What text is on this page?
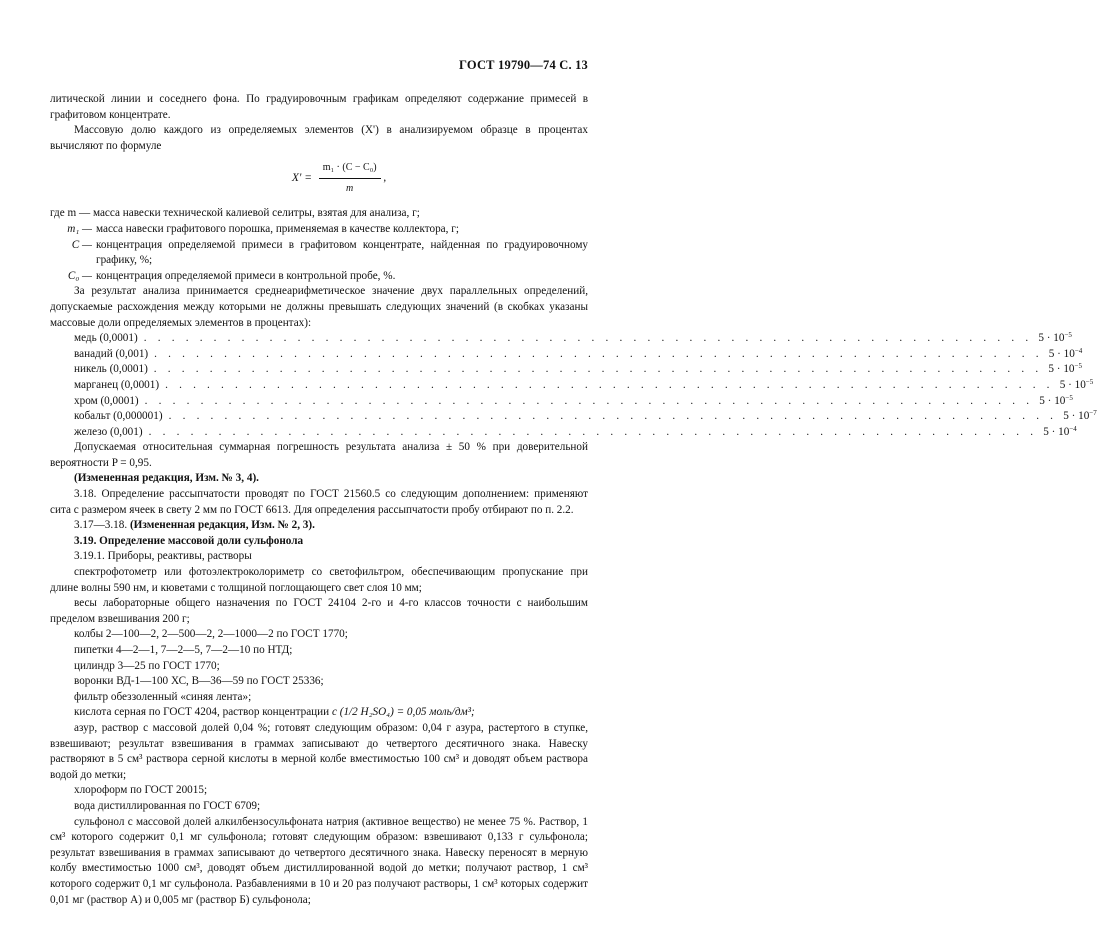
ГОСТ 19790—74 С. 13

литической линии и соседнего фона. По градуировочным графикам определяют содержание примесей в графитовом концентрате.

Массовую долю каждого из определяемых элементов (X') в анализируемом образце в процентах вычисляют по формуле

$X' = \frac{\text{m₁ · (C − C₀)}}{m}$ ,
где m —
масса навески технической калиевой селитры, взятая для анализа, г;
m₁ — масса навески графитового порошка, применяемая в качестве коллектора, г;
C — концентрация определяемой примеси в графитовом концентрате, найденная по градуировочному графику, %;
C₀ — концентрация определяемой примеси в контрольной пробе, %.

За результат анализа принимается среднеарифметическое значение двух параллельных определений, допускаемые расхождения между которыми не должны превышать следующих значений (в скобках указаны массовые доли определяемых элементов в процентах):

медь (0,0001) . . . . . . . . . . . . . . . . . . . . . . . . . . . . . . . . . . . . . . . . . . . . . . . . . . . . . . . . . . . . . . . . $5 \cdot 10^{-5}$
ванадий (0,001) . . . . . . . . . . . . . . . . . . . . . . . . . . . . . . . . . . . . . . . . . . . . . . . . . . . . . . . . . . . . . . . . $5 \cdot 10^{-4}$
никель (0,0001) . . . . . . . . . . . . . . . . . . . . . . . . . . . . . . . . . . . . . . . . . . . . . . . . . . . . . . . . . . . . . . . . $5 \cdot 10^{-5}$
марганец (0,0001) . . . . . . . . . . . . . . . . . . . . . . . . . . . . . . . . . . . . . . . . . . . . . . . . . . . . . . . . . . . . . . . . $5 \cdot 10^{-5}$
хром (0,0001) . . . . . . . . . . . . . . . . . . . . . . . . . . . . . . . . . . . . . . . . . . . . . . . . . . . . . . . . . . . . . . . . $5 \cdot 10^{-5}$
кобальт (0,000001) . . . . . . . . . . . . . . . . . . . . . . . . . . . . . . . . . . . . . . . . . . . . . . . . . . . . . . . . . . . . . . . . $5 \cdot 10^{-7}$
железо (0,001) . . . . . . . . . . . . . . . . . . . . . . . . . . . . . . . . . . . . . . . . . . . . . . . . . . . . . . . . . . . . . . . . $5 \cdot 10^{-4}$

Допускаемая относительная суммарная погрешность результата анализа ± 50 % при доверительной вероятности P = 0,95.

(Измененная редакция, Изм. № 3, 4).

3.18. Определение рассыпчатости проводят по ГОСТ 21560.5 со следующим дополнением: применяют сита с размером ячеек в свету 2 мм по ГОСТ 6613. Для определения рассыпчатости пробу отбирают по п. 2.2.

3.17—3.18. (Измененная редакция, Изм. № 2, 3).

3.19. Определение массовой доли сульфонола

3.19.1. Приборы, реактивы, растворы

спектрофотометр или фотоэлектроколориметр со светофильтром, обеспечивающим пропускание при длине волны 590 нм, и кюветами с толщиной поглощающего свет слоя 10 мм;

весы лабораторные общего назначения по ГОСТ 24104 2-го и 4-го классов точности с наибольшим пределом взвешивания 200 г;

колбы 2—100—2, 2—500—2, 2—1000—2 по ГОСТ 1770;

пипетки 4—2—1, 7—2—5, 7—2—10 по НТД;

цилиндр 3—25 по ГОСТ 1770;

воронки ВД-1—100 ХС, В—36—59 по ГОСТ 25336;

фильтр обеззоленный «синяя лента»;

кислота серная по ГОСТ 4204, раствор концентрации c (1/2 H₂SO₄) = 0,05 моль/дм³;

азур, раствор с массовой долей 0,04 %; готовят следующим образом: 0,04 г азура, растертого в ступке, взвешивают; результат взвешивания в граммах записывают до четвертого десятичного знака. Навеску растворяют в 5 см³ раствора серной кислоты в мерной колбе вместимостью 100 см³ и доводят объем раствора водой до метки;

хлороформ по ГОСТ 20015;

вода дистиллированная по ГОСТ 6709;

сульфонол с массовой долей алкилбензосульфоната натрия (активное вещество) не менее 75 %. Раствор, 1 см³ которого содержит 0,1 мг сульфонола; готовят следующим образом: взвешивают 0,133 г сульфонола; результат взвешивания в граммах записывают до четвертого десятичного знака. Навеску переносят в мерную колбу вместимостью 1000 см³, доводят объем дистиллированной водой до метки; получают раствор, 1 см³ которого содержит 0,1 мг сульфонола. Разбавлениями в 10 и 20 раз получают растворы, 1 см³ которых содержит 0,01 мг (раствор А) и 0,005 мг (раствор Б) сульфонола;
